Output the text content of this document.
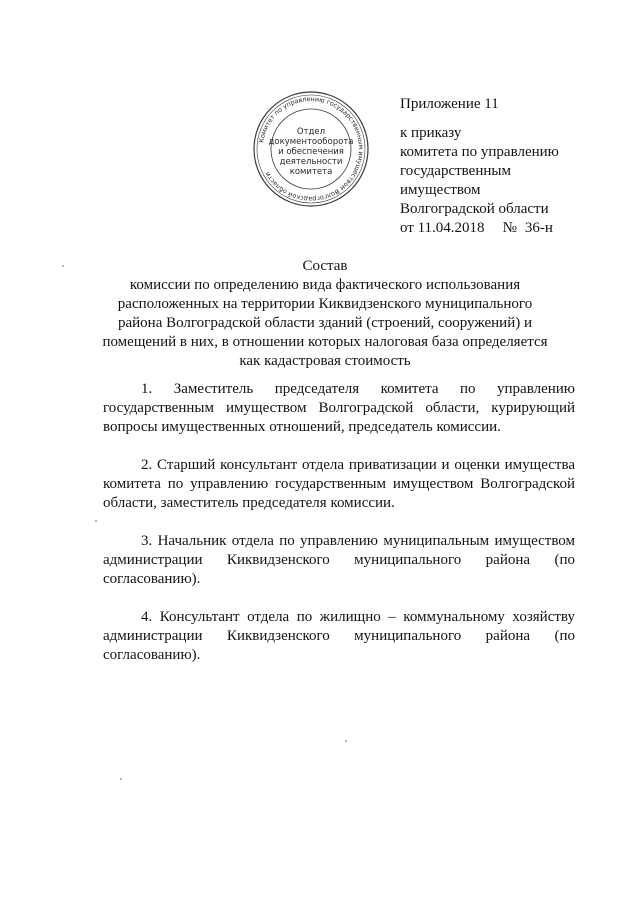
Комитет по управлению государственным имуществом Волгоградской области
Отдел
документооборота
и обеспечения
деятельности
комитета
Приложение 11
к приказу
комитета по управлению
государственным
имуществом
Волгоградской области
от 11.04.2018 № 36-н
Состав
комиссии по определению вида фактического использования расположенных на территории Киквидзенского муниципального района Волгоградской области зданий (строений, сооружений) и помещений в них, в отношении которых налоговая база определяется как кадастровая стоимость

1. Заместитель председателя комитета по управлению государственным имуществом Волгоградской области, курирующий вопросы имущественных отношений, председатель комиссии.

2. Старший консультант отдела приватизации и оценки имущества комитета по управлению государственным имуществом Волгоградской области, заместитель председателя комиссии.

3. Начальник отдела по управлению муниципальным имуществом администрации Киквидзенского муниципального района (по согласованию).

4. Консультант отдела по жилищно – коммунальному хозяйству администрации Киквидзенского муниципального района (по согласованию).
